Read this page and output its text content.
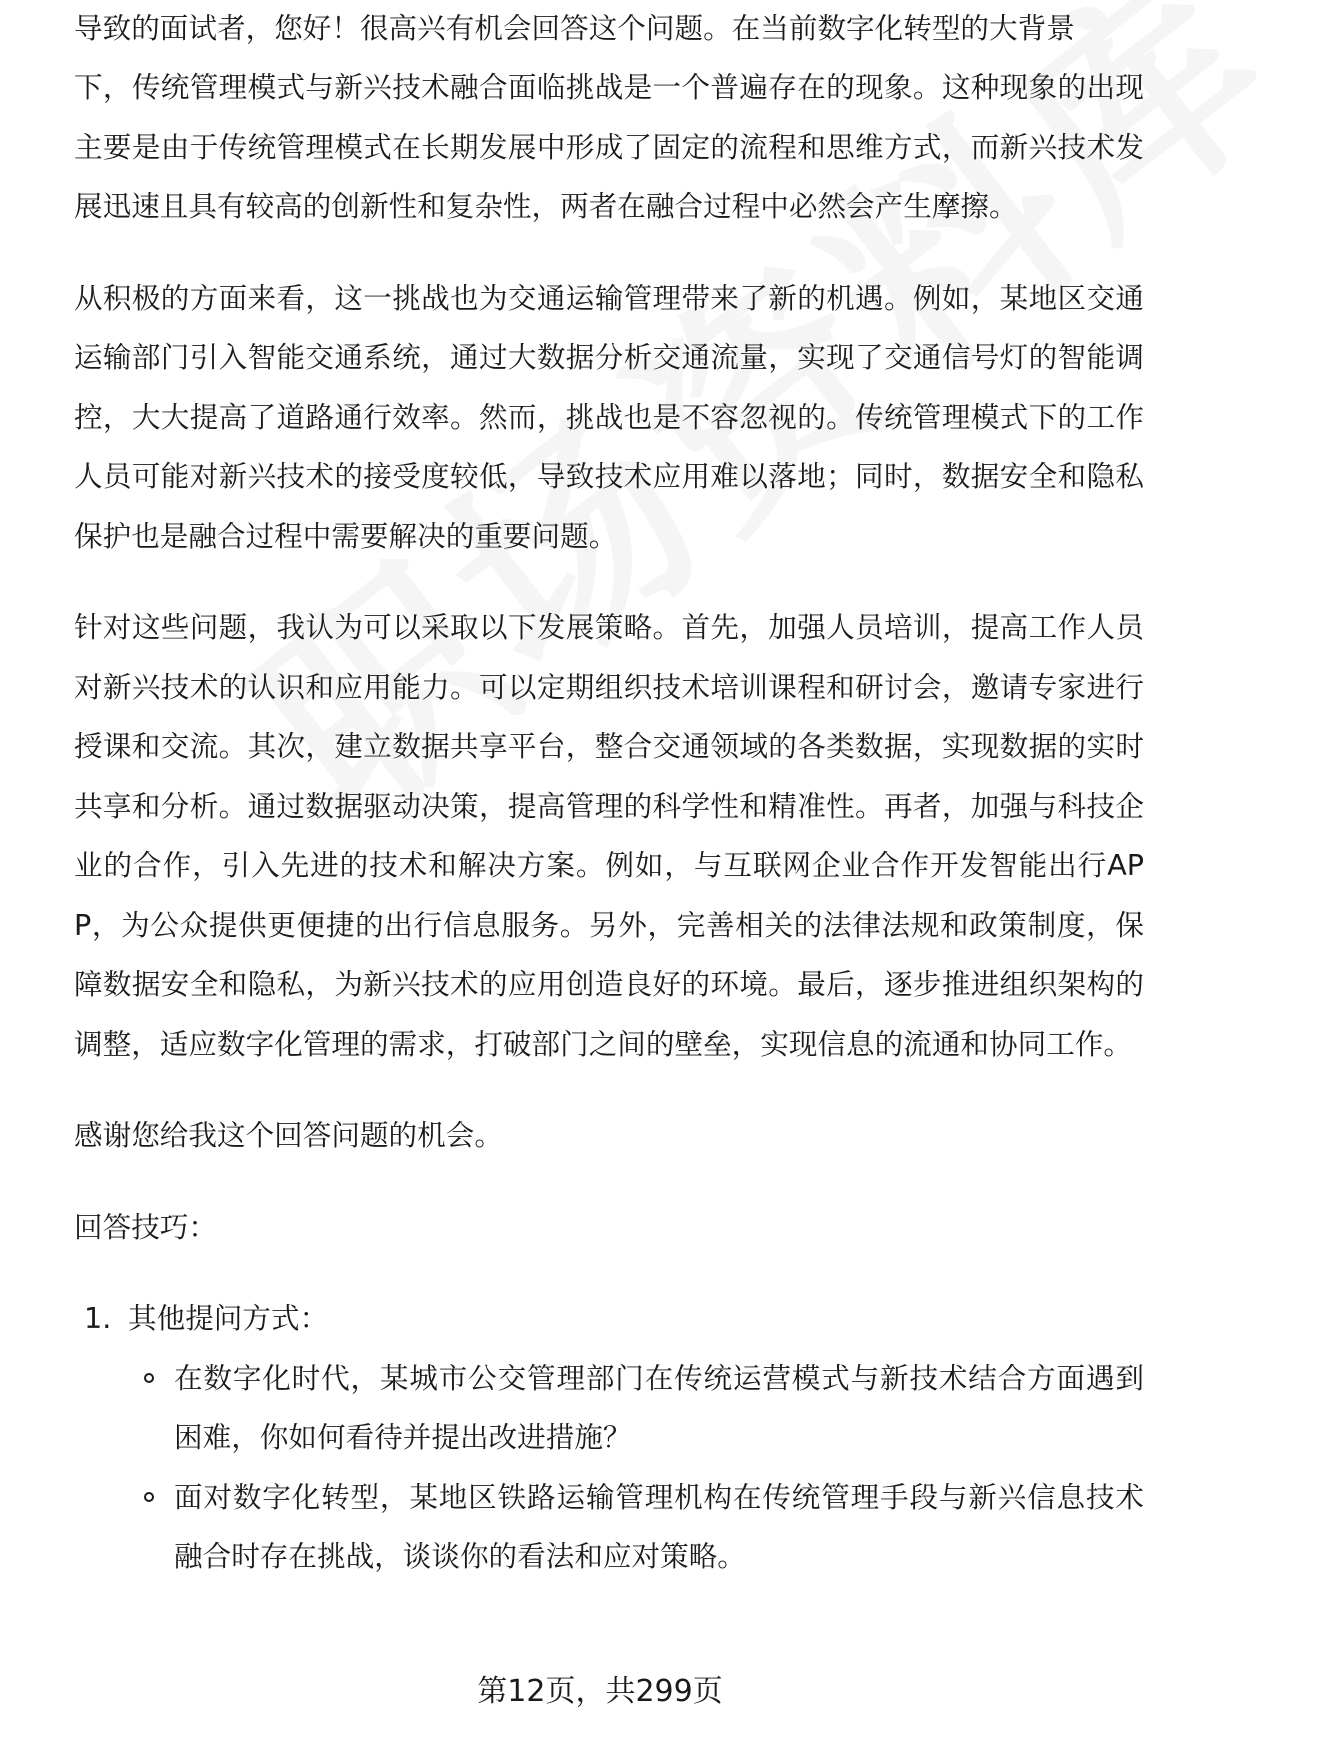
导致的面试者，您好！很高兴有机会回答这个问题。在当前数字化转型的大背景

下，传统管理模式与新兴技术融合面临挑战是一个普遍存在的现象。这种现象的出现主要是由于传统管理模式在长期发展中形成了固定的流程和思维方式，而新兴技术发展迅速且具有较高的创新性和复杂性，两者在融合过程中必然会产生摩擦。

从积极的方面来看，这一挑战也为交通运输管理带来了新的机遇。例如，某地区交通运输部门引入智能交通系统，通过大数据分析交通流量，实现了交通信号灯的智能调控，大大提高了道路通行效率。然而，挑战也是不容忽视的。传统管理模式下的工作人员可能对新兴技术的接受度较低，导致技术应用难以落地；同时，数据安全和隐私保护也是融合过程中需要解决的重要问题。

针对这些问题，我认为可以采取以下发展策略。首先，加强人员培训，提高工作人员对新兴技术的认识和应用能力。可以定期组织技术培训课程和研讨会，邀请专家进行授课和交流。其次，建立数据共享平台，整合交通领域的各类数据，实现数据的实时共享和分析。通过数据驱动决策，提高管理的科学性和精准性。再者，加强与科技企业的合作，引入先进的技术和解决方案。例如，与互联网企业合作开发智能出行APP，为公众提供更便捷的出行信息服务。另外，完善相关的法律法规和政策制度，保障数据安全和隐私，为新兴技术的应用创造良好的环境。最后，逐步推进组织架构的调整，适应数字化管理的需求，打破部门之间的壁垒，实现信息的流通和协同工作。

感谢您给我这个回答问题的机会。

回答技巧：

1. 其他提问方式：
在数字化时代，某城市公交管理部门在传统运营模式与新技术结合方面遇到困难，你如何看待并提出改进措施？
面对数字化转型，某地区铁路运输管理机构在传统管理手段与新兴信息技术融合时存在挑战，谈谈你的看法和应对策略。
第12页，共299页
